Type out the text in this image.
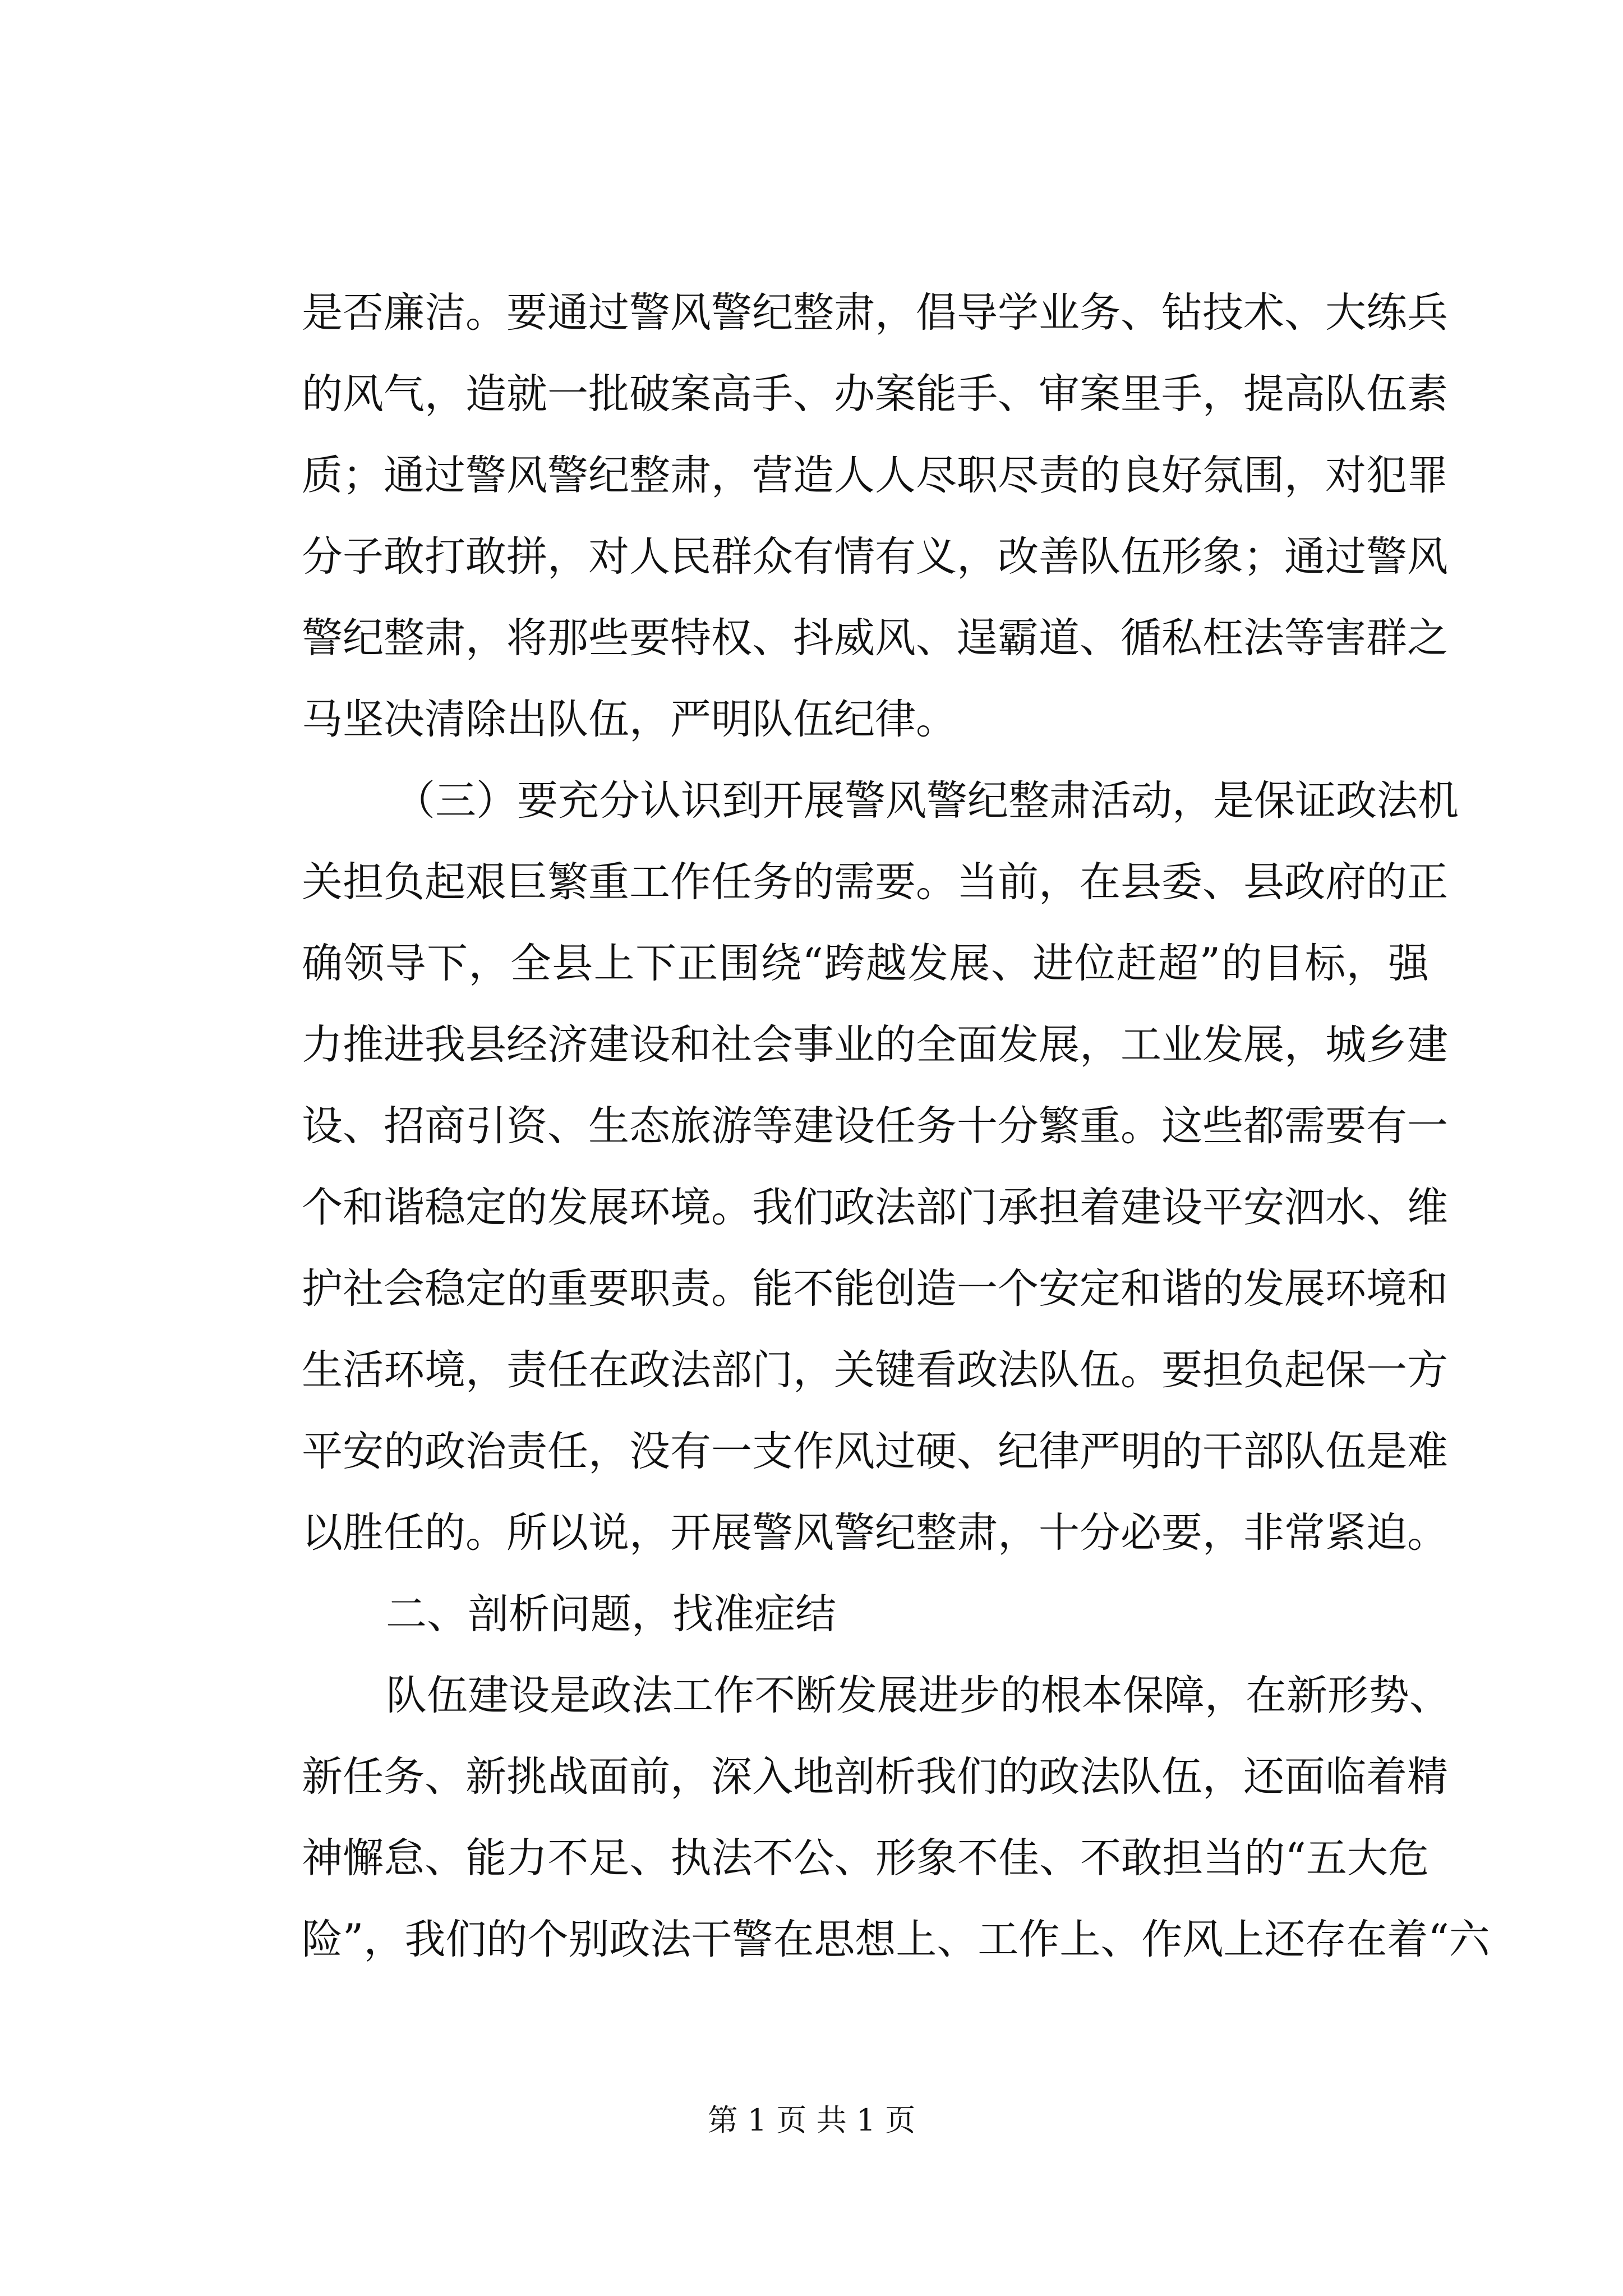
是否廉洁。要通过警风警纪整肃，倡导学业务、钻技术、大练兵
的风气，造就一批破案高手、办案能手、审案里手，提高队伍素
质；通过警风警纪整肃，营造人人尽职尽责的良好氛围，对犯罪
分子敢打敢拼，对人民群众有情有义，改善队伍形象；通过警风
警纪整肃，将那些要特权、抖威风、逞霸道、循私枉法等害群之
马坚决清除出队伍，严明队伍纪律。
（三）要充分认识到开展警风警纪整肃活动，是保证政法机
关担负起艰巨繁重工作任务的需要。当前，在县委、县政府的正
确领导下，全县上下正围绕“跨越发展、进位赶超”的目标，强
力推进我县经济建设和社会事业的全面发展，工业发展，城乡建
设、招商引资、生态旅游等建设任务十分繁重。这些都需要有一
个和谐稳定的发展环境。我们政法部门承担着建设平安泗水、维
护社会稳定的重要职责。能不能创造一个安定和谐的发展环境和
生活环境，责任在政法部门，关键看政法队伍。要担负起保一方
平安的政治责任，没有一支作风过硬、纪律严明的干部队伍是难
以胜任的。所以说，开展警风警纪整肃，十分必要，非常紧迫。
二、剖析问题，找准症结
队伍建设是政法工作不断发展进步的根本保障，在新形势、
新任务、新挑战面前，深入地剖析我们的政法队伍，还面临着精
神懈怠、能力不足、执法不公、形象不佳、不敢担当的“五大危
险”，我们的个别政法干警在思想上、工作上、作风上还存在着“六
第 1 页 共 1 页
